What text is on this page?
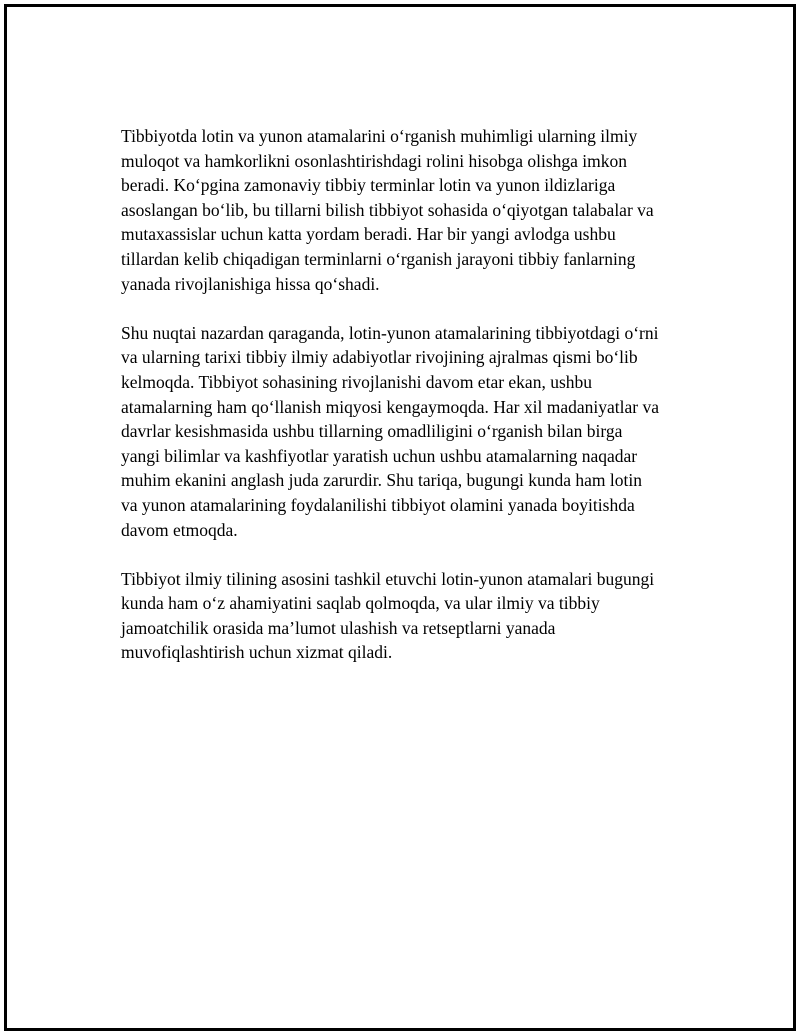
Tibbiyotda lotin va yunon atamalarini o‘rganish muhimligi ularning ilmiy
muloqot va hamkorlikni osonlashtirishdagi rolini hisobga olishga imkon
beradi. Ko‘pgina zamonaviy tibbiy terminlar lotin va yunon ildizlariga
asoslangan bo‘lib, bu tillarni bilish tibbiyot sohasida o‘qiyotgan talabalar va
mutaxassislar uchun katta yordam beradi. Har bir yangi avlodga ushbu
tillardan kelib chiqadigan terminlarni o‘rganish jarayoni tibbiy fanlarning
yanada rivojlanishiga hissa qo‘shadi.
Shu nuqtai nazardan qaraganda, lotin-yunon atamalarining tibbiyotdagi o‘rni
va ularning tarixi tibbiy ilmiy adabiyotlar rivojining ajralmas qismi bo‘lib
kelmoqda. Tibbiyot sohasining rivojlanishi davom etar ekan, ushbu
atamalarning ham qo‘llanish miqyosi kengaymoqda. Har xil madaniyatlar va
davrlar kesishmasida ushbu tillarning omadliligini o‘rganish bilan birga
yangi bilimlar va kashfiyotlar yaratish uchun ushbu atamalarning naqadar
muhim ekanini anglash juda zarurdir. Shu tariqa, bugungi kunda ham lotin
va yunon atamalarining foydalanilishi tibbiyot olamini yanada boyitishda
davom etmoqda.
Tibbiyot ilmiy tilining asosini tashkil etuvchi lotin-yunon atamalari bugungi
kunda ham o‘z ahamiyatini saqlab qolmoqda, va ular ilmiy va tibbiy
jamoatchilik orasida ma’lumot ulashish va retseptlarni yanada
muvofiqlashtirish uchun xizmat qiladi.
